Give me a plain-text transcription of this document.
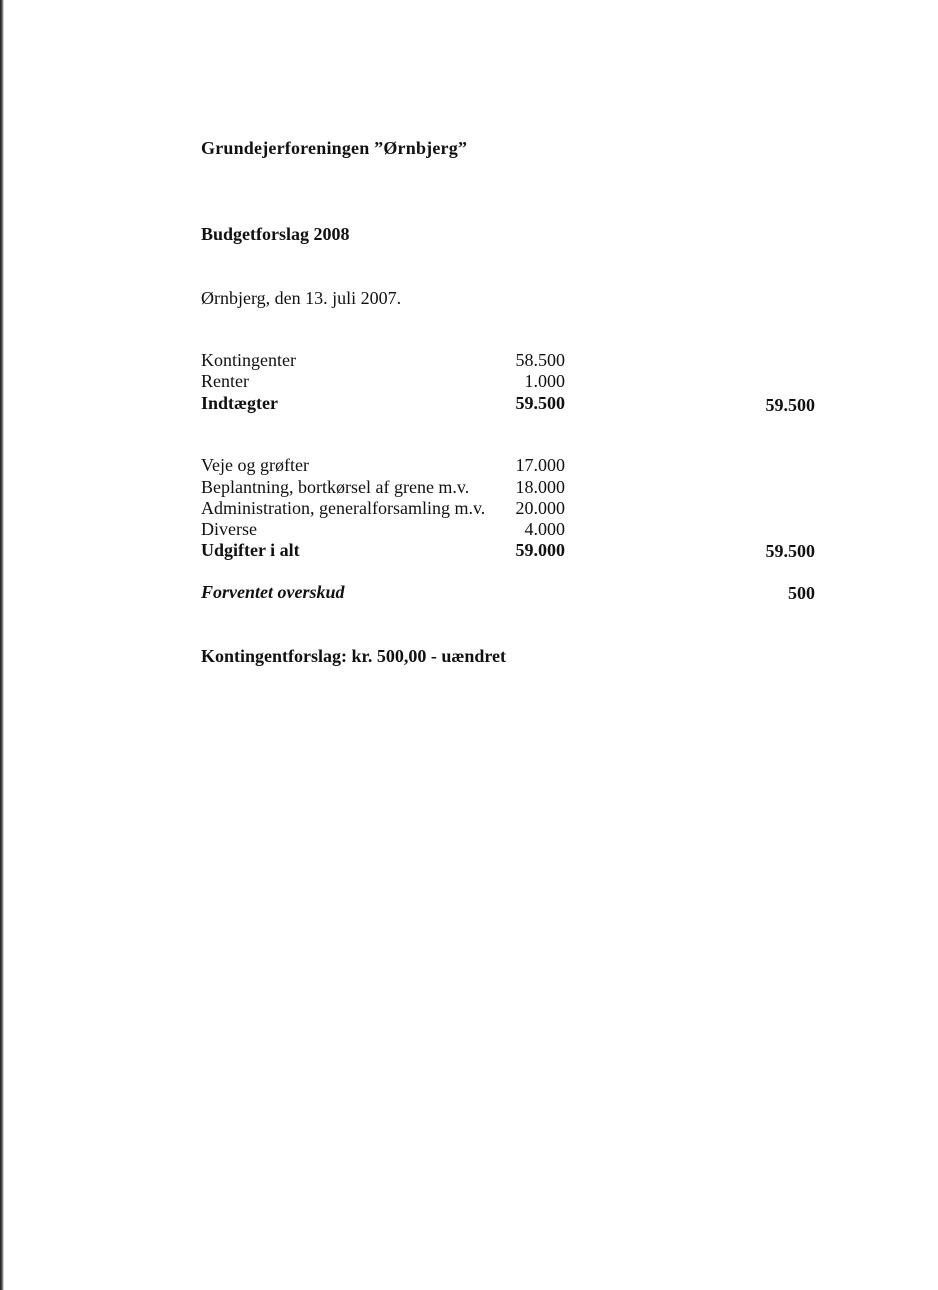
Grundejerforeningen ”Ørnbjerg”
Budgetforslag 2008
Ørnbjerg, den 13. juli 2007.
Kontingenter	58.500
Renter	1.000
Indtægter	59.500	59.500
Veje og grøfter	17.000
Beplantning, bortkørsel af grene m.v.	18.000
Administration, generalforsamling m.v. 20.000
Diverse	4.000
Udgifter i alt	59.000	59.500
Forventet overskud	500
Kontingentforslag: kr. 500,00 - uændret
